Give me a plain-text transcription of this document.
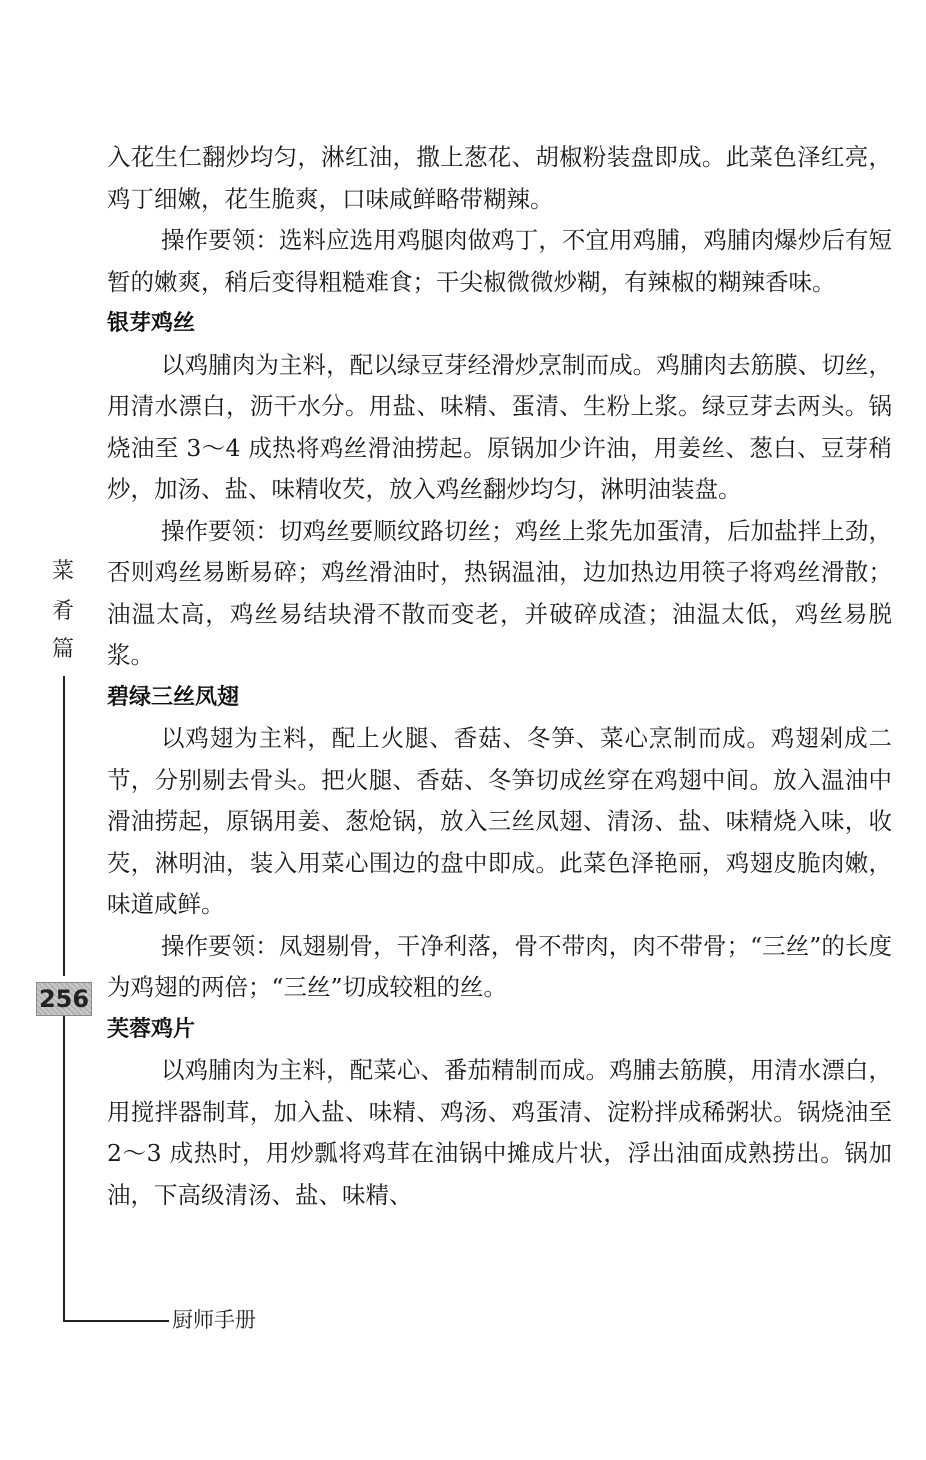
入花生仁翻炒均匀，淋红油，撒上葱花、胡椒粉装盘即成。此菜色泽红亮，鸡丁细嫩，花生脆爽，口味咸鲜略带糊辣。

操作要领：选料应选用鸡腿肉做鸡丁，不宜用鸡脯，鸡脯肉爆炒后有短暂的嫩爽，稍后变得粗糙难食；干尖椒微微炒糊，有辣椒的糊辣香味。

银芽鸡丝

以鸡脯肉为主料，配以绿豆芽经滑炒烹制而成。鸡脯肉去筋膜、切丝，用清水漂白，沥干水分。用盐、味精、蛋清、生粉上浆。绿豆芽去两头。锅烧油至 3～4 成热将鸡丝滑油捞起。原锅加少许油，用姜丝、葱白、豆芽稍炒，加汤、盐、味精收芡，放入鸡丝翻炒均匀，淋明油装盘。

操作要领：切鸡丝要顺纹路切丝；鸡丝上浆先加蛋清，后加盐拌上劲，否则鸡丝易断易碎；鸡丝滑油时，热锅温油，边加热边用筷子将鸡丝滑散；油温太高，鸡丝易结块滑不散而变老，并破碎成渣；油温太低，鸡丝易脱浆。

碧绿三丝凤翅

以鸡翅为主料，配上火腿、香菇、冬笋、菜心烹制而成。鸡翅剁成二节，分别剔去骨头。把火腿、香菇、冬笋切成丝穿在鸡翅中间。放入温油中滑油捞起，原锅用姜、葱炝锅，放入三丝凤翅、清汤、盐、味精烧入味，收芡，淋明油，装入用菜心围边的盘中即成。此菜色泽艳丽，鸡翅皮脆肉嫩，味道咸鲜。

操作要领：凤翅剔骨，干净利落，骨不带肉，肉不带骨；“三丝”的长度为鸡翅的两倍；“三丝”切成较粗的丝。

芙蓉鸡片

以鸡脯肉为主料，配菜心、番茄精制而成。鸡脯去筋膜，用清水漂白，用搅拌器制茸，加入盐、味精、鸡汤、鸡蛋清、淀粉拌成稀粥状。锅烧油至 2～3 成热时，用炒瓢将鸡茸在油锅中摊成片状，浮出油面成熟捞出。锅加油，下高级清汤、盐、味精、

菜
肴
篇
256
厨师手册
